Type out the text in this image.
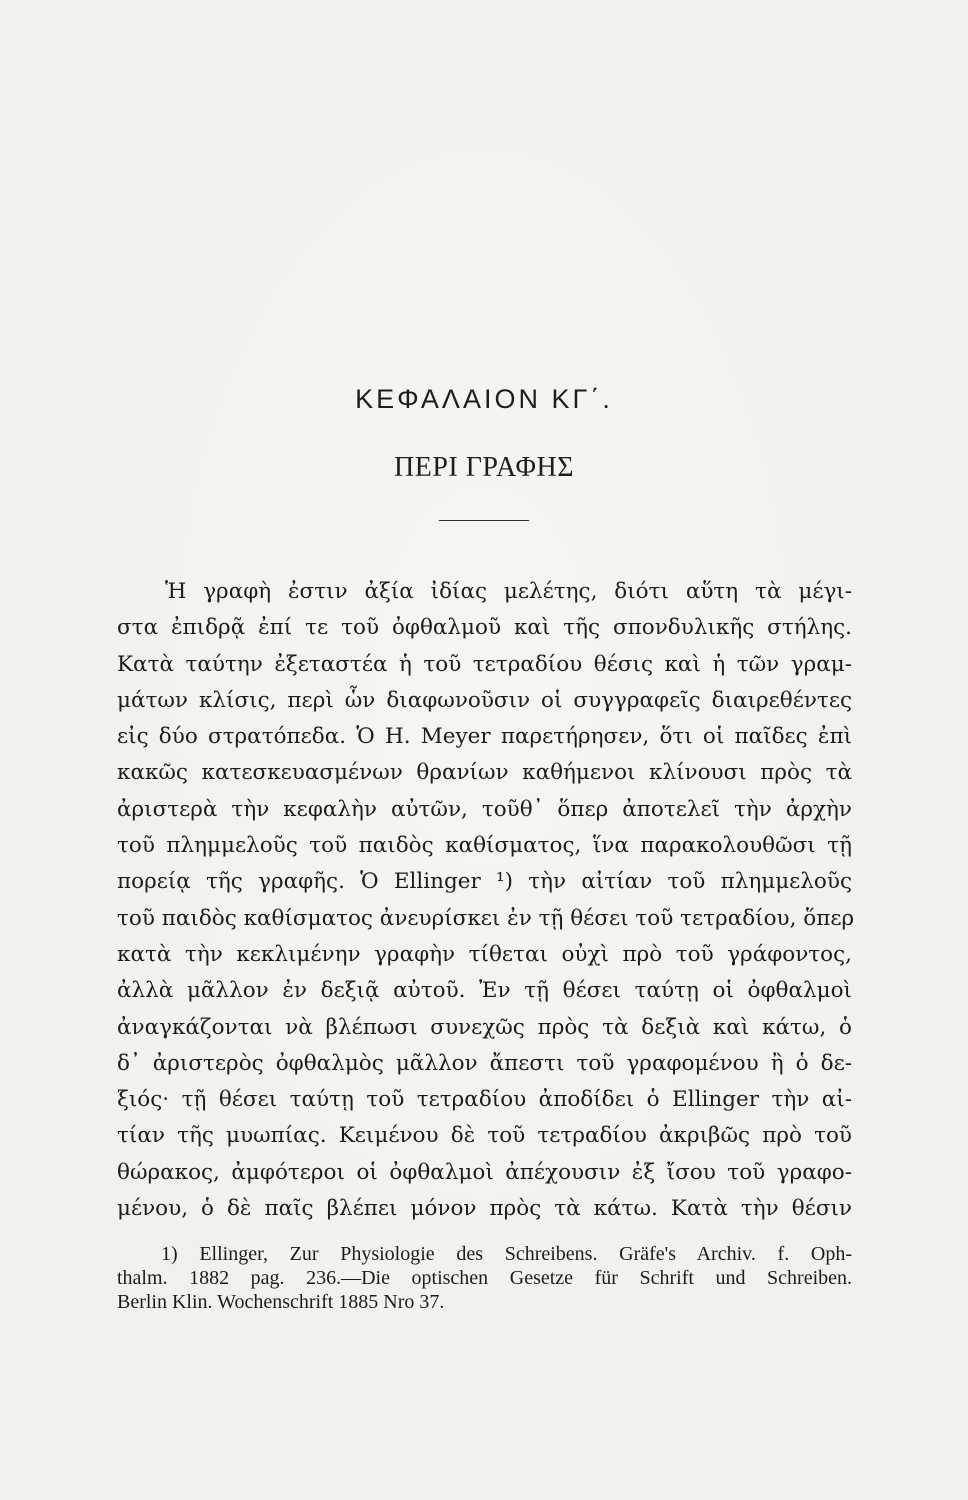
ΚΕΦΑΛΑΙΟΝ ΚΓ΄.
ΠΕΡΙ ΓΡΑΦΗΣ
Ἡ γραφὴ ἐστιν ἀξία ἰδίας μελέτης, διότι αὕτη τὰ μέγι-
στα ἐπιδρᾷ ἐπί τε τοῦ ὀφθαλμοῦ καὶ τῆς σπονδυλικῆς στήλης.
Κατὰ ταύτην ἐξεταστέα ἡ τοῦ τετραδίου θέσις καὶ ἡ τῶν γραμ-
μάτων κλίσις, περὶ ὧν διαφωνοῦσιν οἱ συγγραφεῖς διαιρεθέντες
εἰς δύο στρατόπεδα. Ὁ H. Meyer παρετήρησεν, ὅτι οἱ παῖδες ἐπὶ
κακῶς κατεσκευασμένων θρανίων καθήμενοι κλίνουσι πρὸς τὰ
ἀριστερὰ τὴν κεφαλὴν αὐτῶν, τοῦθ᾽ ὅπερ ἀποτελεῖ τὴν ἀρχὴν
τοῦ πλημμελοῦς τοῦ παιδὸς καθίσματος, ἵνα παρακολουθῶσι τῇ
πορείᾳ τῆς γραφῆς. Ὁ Ellinger ¹) τὴν αἰτίαν τοῦ πλημμελοῦς
τοῦ παιδὸς καθίσματος ἀνευρίσκει ἐν τῇ θέσει τοῦ τετραδίου, ὅπερ
κατὰ τὴν κεκλιμένην γραφὴν τίθεται οὐχὶ πρὸ τοῦ γράφοντος,
ἀλλὰ μᾶλλον ἐν δεξιᾷ αὐτοῦ. Ἐν τῇ θέσει ταύτῃ οἱ ὀφθαλμοὶ
ἀναγκάζονται νὰ βλέπωσι συνεχῶς πρὸς τὰ δεξιὰ καὶ κάτω, ὁ
δ᾽ ἀριστερὸς ὀφθαλμὸς μᾶλλον ἄπεστι τοῦ γραφομένου ἢ ὁ δε-
ξιός· τῇ θέσει ταύτῃ τοῦ τετραδίου ἀποδίδει ὁ Ellinger τὴν αἰ-
τίαν τῆς μυωπίας. Κειμένου δὲ τοῦ τετραδίου ἀκριβῶς πρὸ τοῦ
θώρακος, ἀμφότεροι οἱ ὀφθαλμοὶ ἀπέχουσιν ἐξ ἴσου τοῦ γραφο-
μένου, ὁ δὲ παῖς βλέπει μόνον πρὸς τὰ κάτω. Κατὰ τὴν θέσιν
1) Ellinger, Zur Physiologie des Schreibens. Gräfe's Archiv. f. Oph-
thalm. 1882 pag. 236.—Die optischen Gesetze für Schrift und Schreiben.
Berlin Klin. Wochenschrift 1885 Nro 37.
